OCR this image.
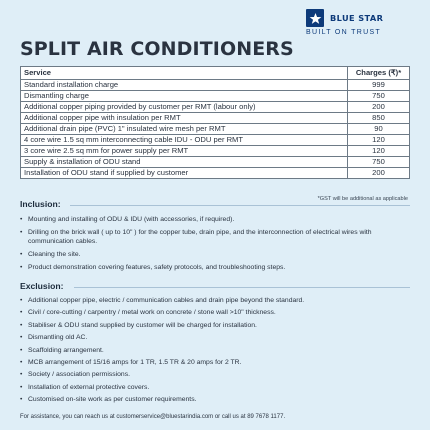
BLUE STAR
BUILT ON TRUST
SPLIT AIR CONDITIONERS
Service	Charges (₹)*
Standard installation charge	999
Dismantling charge	750
Additional copper piping provided by customer per RMT (labour only)	200
Additional copper pipe with insulation per RMT	850
Additional drain pipe (PVC) 1" insulated wire mesh per RMT	90
4 core wire 1.5 sq mm interconnecting cable IDU - ODU per RMT	120
3 core wire 2.5 sq mm for power supply per RMT	120
Supply & installation of ODU stand	750
Installation of ODU stand if supplied by customer	200
*GST will be additional as applicable
Inclusion:
• Mounting and installing of ODU & IDU (with accessories, if required).
• Drilling on the brick wall ( up to 10" ) for the copper tube, drain pipe, and the interconnection of electrical wires with communication cables.
• Cleaning the site.
• Product demonstration covering features, safety protocols, and troubleshooting steps.
Exclusion:
• Additional copper pipe, electric / communication cables and drain pipe beyond the standard.
• Civil / core-cutting / carpentry / metal work on concrete / stone wall >10" thickness.
• Stabiliser & ODU stand supplied by customer will be charged for installation.
• Dismantling old AC.
• Scaffolding arrangement.
• MCB arrangement of 15/16 amps for 1 TR, 1.5 TR & 20 amps for 2 TR.
• Society / association permissions.
• Installation of external protective covers.
• Customised on-site work as per customer requirements.
For assistance, you can reach us at customerservice@bluestarindia.com or call us at 89 7678 1177.
